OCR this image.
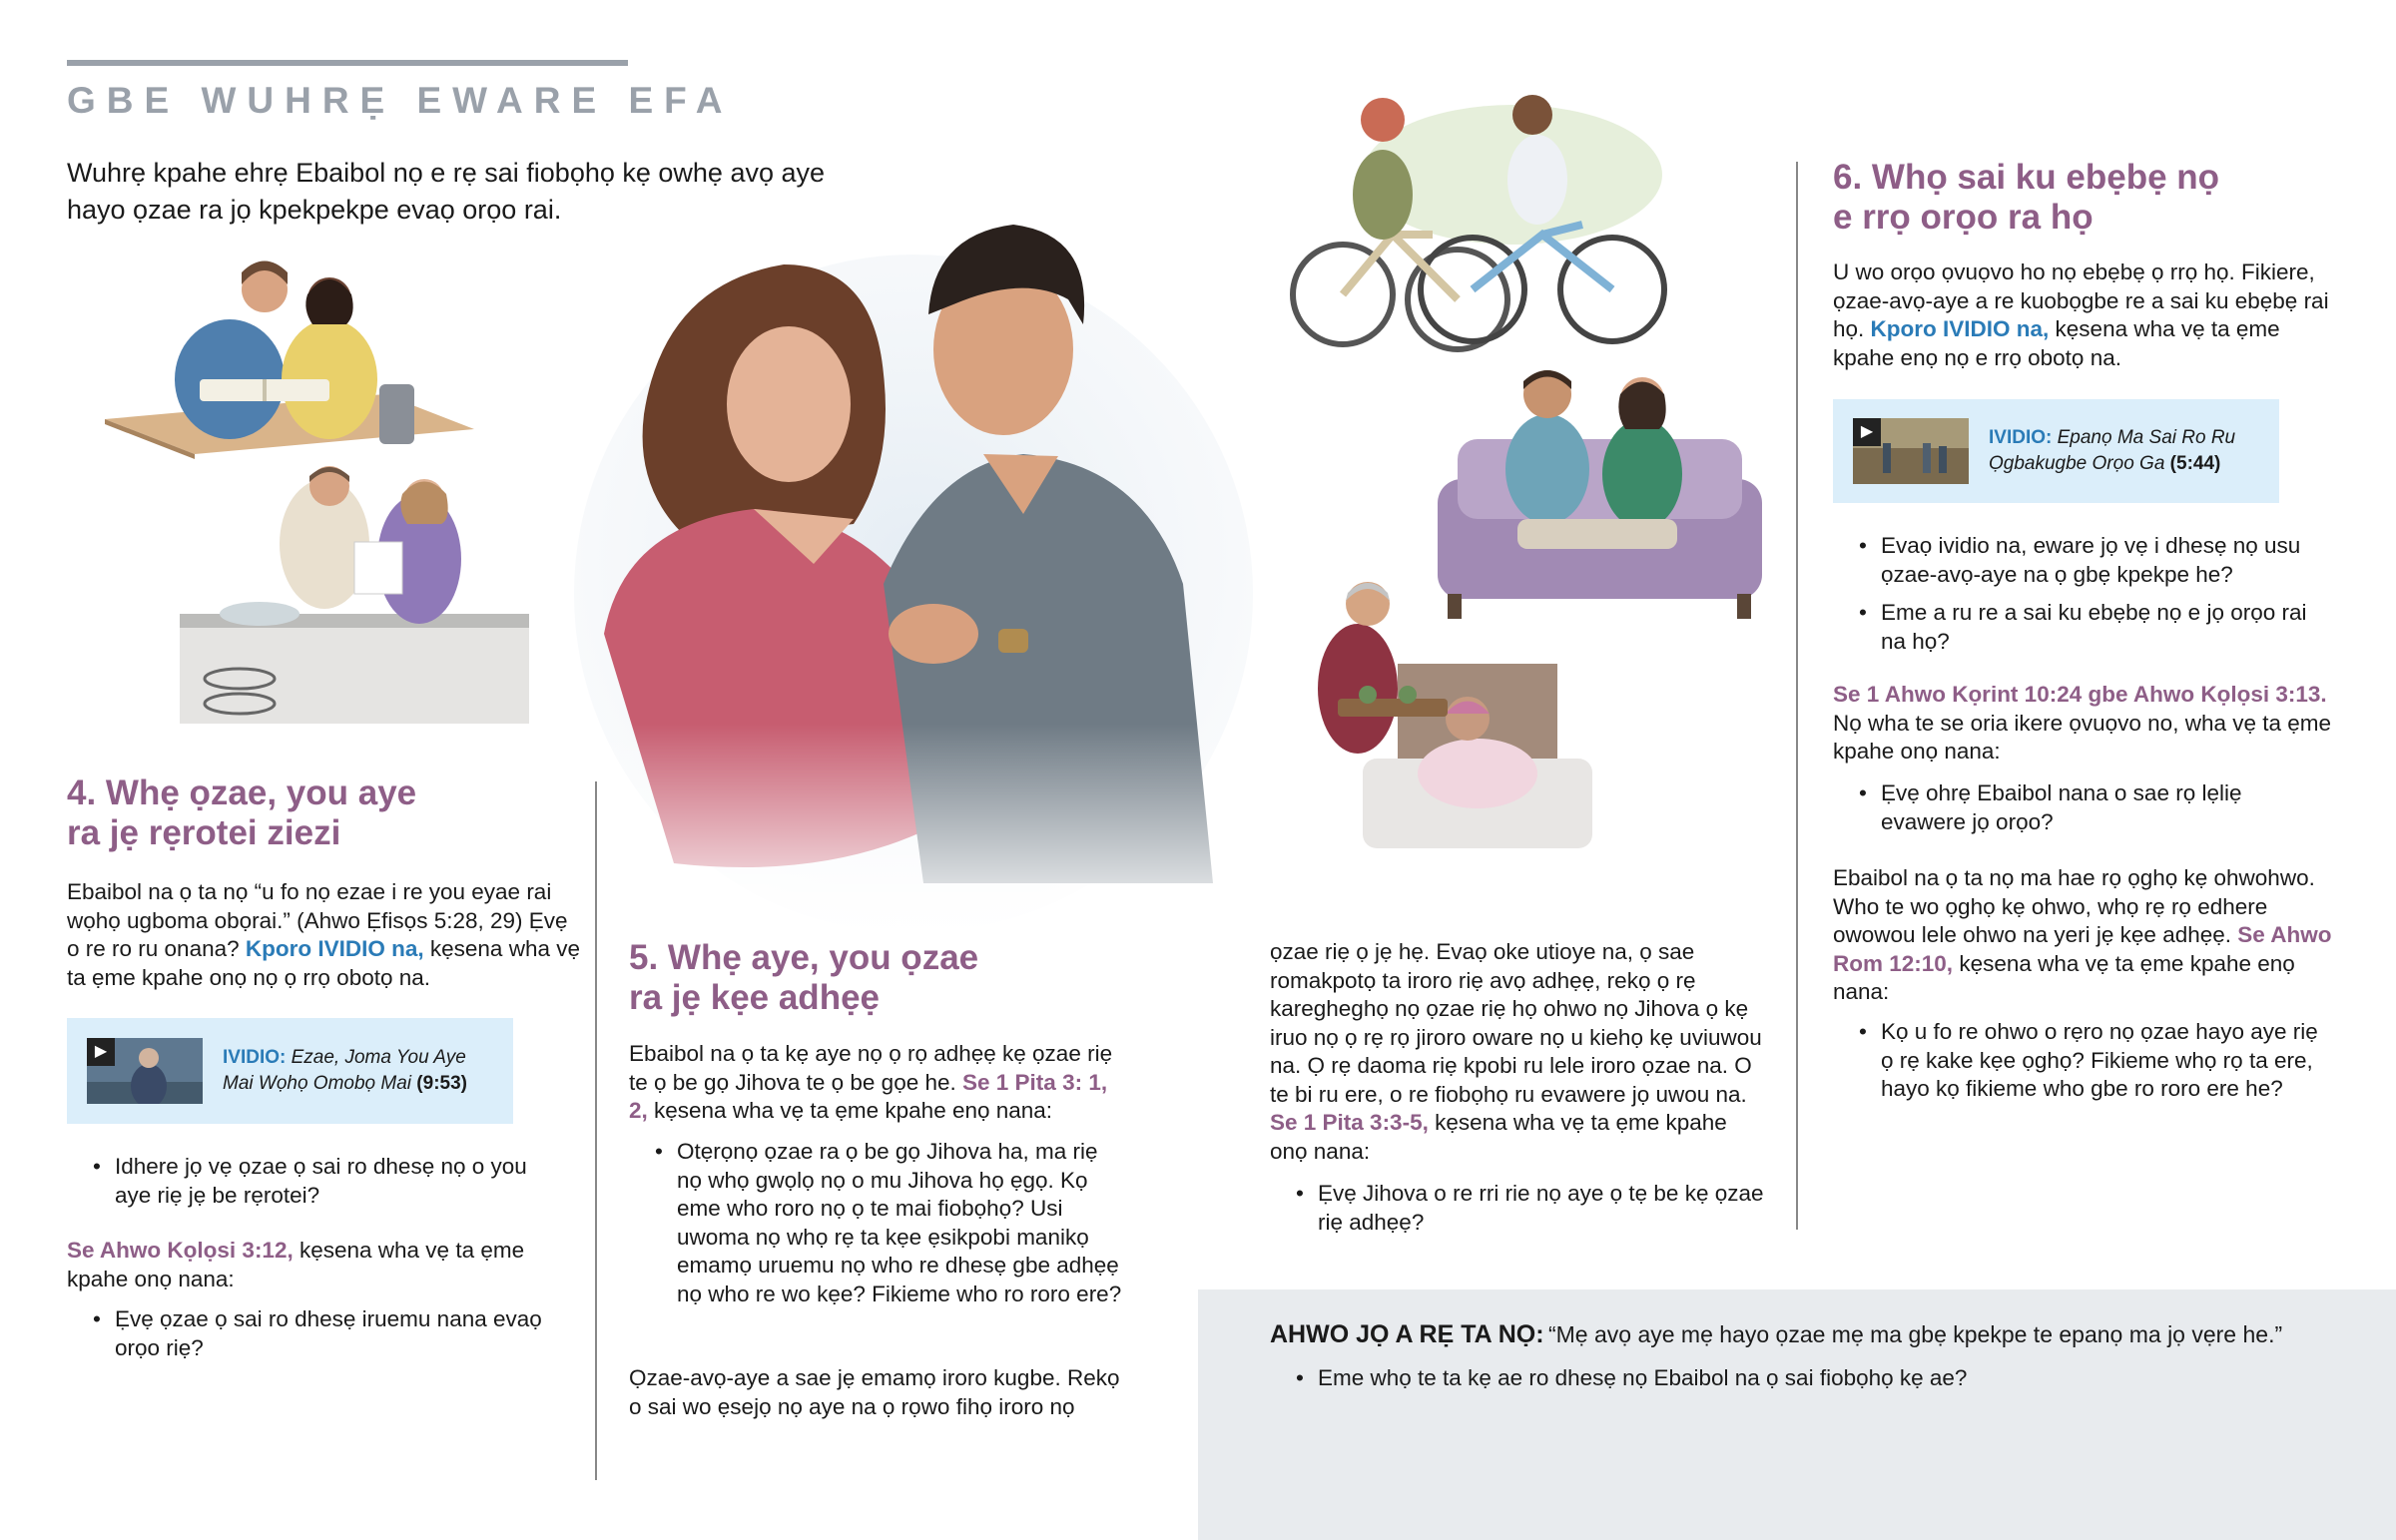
GBE WUHRẸ EWARE EFA
Wuhrẹ kpahe ehrẹ Ebaibol nọ e rẹ sai fiobọhọ kẹ owhẹ avọ aye hayo ọzae ra jọ kpekpekpe evaọ orọo rai.
4. Whẹ ọzae, you aye
ra jẹ rẹrotei ziezi
Ebaibol na ọ ta nọ “u fo nọ ezae i re you eyae rai wọhọ ugboma obọrai.” (Ahwo Ẹfisọs 5:28, 29) Ẹvẹ o re ro ru onana? Kporo IVIDIO na, kẹsena wha vẹ ta ẹme kpahe onọ nọ ọ rrọ obotọ na.
▶	IVIDIO: Ezae, Joma You Aye Mai Wọhọ Omobọ Mai (9:53)
• Idhere jọ vẹ ọzae ọ sai ro dhesẹ nọ o you aye riẹ jẹ be rẹrotei?
Se Ahwo Kọlọsi 3:12, kẹsena wha vẹ ta ẹme kpahe onọ nana:
• Ẹvẹ ọzae ọ sai ro dhesẹ iruemu nana evaọ orọo riẹ?
5. Whẹ aye, you ọzae
ra jẹ kẹe adhẹẹ
Ebaibol na ọ ta kẹ aye nọ ọ rọ adhẹẹ kẹ ọzae riẹ te ọ be gọ Jihova te ọ be gọe he. Se 1 Pita 3: 1, 2, kẹsena wha vẹ ta ẹme kpahe enọ nana:
• Otẹrọnọ ọzae ra ọ be gọ Jihova ha, ma riẹ nọ whọ gwọlọ nọ o mu Jihova họ ẹgọ. Kọ eme who roro nọ ọ te mai fiobọhọ? Usi uwoma nọ whọ rẹ ta kẹe ẹsikpobi manikọ emamọ uruemu nọ who re dhesẹ gbe adhẹẹ nọ who re wo kẹe? Fikieme who ro roro ere?
Ọzae-avọ-aye a sae jẹ emamọ iroro kugbe. Rekọ o sai wo ẹsejọ nọ aye na ọ rọwo fihọ iroro nọ
ọzae riẹ ọ jẹ hẹ. Evaọ oke utioye na, ọ sae romakpotọ ta iroro riẹ avọ adhẹẹ, rekọ ọ rẹ karegheghọ nọ ọzae riẹ họ ohwo nọ Jihova ọ kẹ iruo nọ ọ rẹ rọ jiroro oware nọ u kiehọ kẹ uviuwou na. Ọ rẹ daoma riẹ kpobi ru lele iroro ọzae na. O te bi ru ere, o re fiobọhọ ru evawere jọ uwou na. Se 1 Pita 3:3-5, kẹsena wha vẹ ta ẹme kpahe onọ nana:
• Ẹvẹ Jihova o re rri rie nọ aye ọ tẹ be kẹ ọzae riẹ adhẹẹ?
6. Whọ sai ku ebẹbẹ nọ
e rrọ orọo ra họ
U wo orọo ọvuọvo ho nọ ebẹbẹ ọ rrọ họ. Fikiere, ọzae-avọ-aye a re kuobọgbe re a sai ku ebẹbẹ rai họ. Kporo IVIDIO na, kẹsena wha vẹ ta ẹme kpahe enọ nọ e rrọ obotọ na.
▶	IVIDIO: Epanọ Ma Sai Ro Ru Ọgbakugbe Orọo Ga (5:44)
• Evaọ ividio na, eware jọ vẹ i dhesẹ nọ usu ọzae-avọ-aye na ọ gbẹ kpekpe he?
• Eme a ru re a sai ku ebẹbẹ nọ e jọ orọo rai na họ?
Se 1 Ahwo Kọrint 10:24 gbe Ahwo Kọlọsi 3:13. Nọ wha te se oria ikere ọvuọvo no, wha vẹ ta ẹme kpahe onọ nana:
• Ẹvẹ ohrẹ Ebaibol nana o sae rọ lẹliẹ evawere jọ orọo?
Ebaibol na ọ ta nọ ma hae rọ ọghọ kẹ ohwohwo. Who te wo ọghọ kẹ ohwo, whọ rẹ rọ edhere owowou lele ohwo na yeri jẹ kẹe adhẹẹ. Se Ahwo Rom 12:10, kẹsena wha vẹ ta ẹme kpahe enọ nana:
• Kọ u fo re ohwo o rẹro nọ ọzae hayo aye riẹ ọ rẹ kake kẹe ọghọ? Fikieme whọ rọ ta ere, hayo kọ fikieme who gbe ro roro ere he?
AHWO JỌ A RẸ TA NỌ: “Mẹ avọ aye mẹ hayo ọzae mẹ ma gbẹ kpekpe te epanọ ma jọ vẹre he.”
• Eme whọ te ta kẹ ae ro dhesẹ nọ Ebaibol na ọ sai fiobọhọ kẹ ae?
